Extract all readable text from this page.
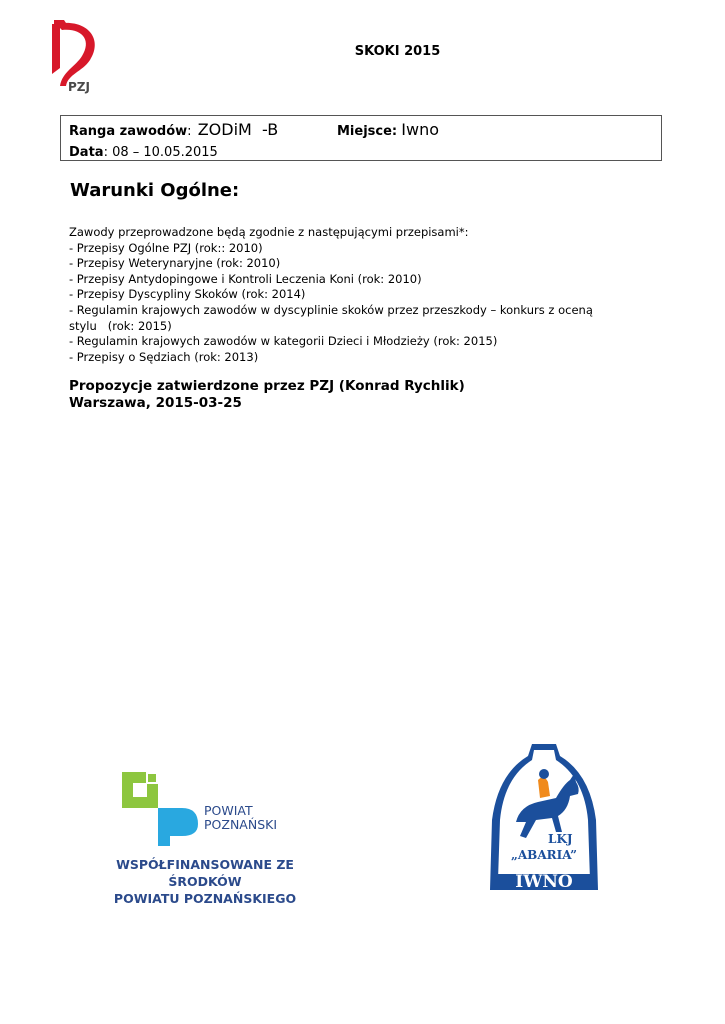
PZJ
SKOKI 2015
Ranga zawodów: ZODiM  -B	Miejsce: Iwno
Data: 08 – 10.05.2015
Warunki Ogólne:
Zawody przeprowadzone będą zgodnie z następującymi przepisami*:
- Przepisy Ogólne PZJ (rok:: 2010)
- Przepisy Weterynaryjne (rok: 2010)
- Przepisy Antydopingowe i Kontroli Leczenia Koni (rok: 2010)
- Przepisy Dyscypliny Skoków (rok: 2014)
- Regulamin krajowych zawodów w dyscyplinie skoków przez przeszkody – konkurs z oceną
stylu   (rok: 2015)
- Regulamin krajowych zawodów w kategorii Dzieci i Młodzieży (rok: 2015)
- Przepisy o Sędziach (rok: 2013)
Propozycje zatwierdzone przez PZJ (Konrad Rychlik)
Warszawa, 2015-03-25
POWIAT
POZNAŃSKI
WSPÓŁFINANSOWANE ZE ŚRODKÓW
POWIATU POZNAŃSKIEGO
LKJ
„ABARIA”
IWNO
